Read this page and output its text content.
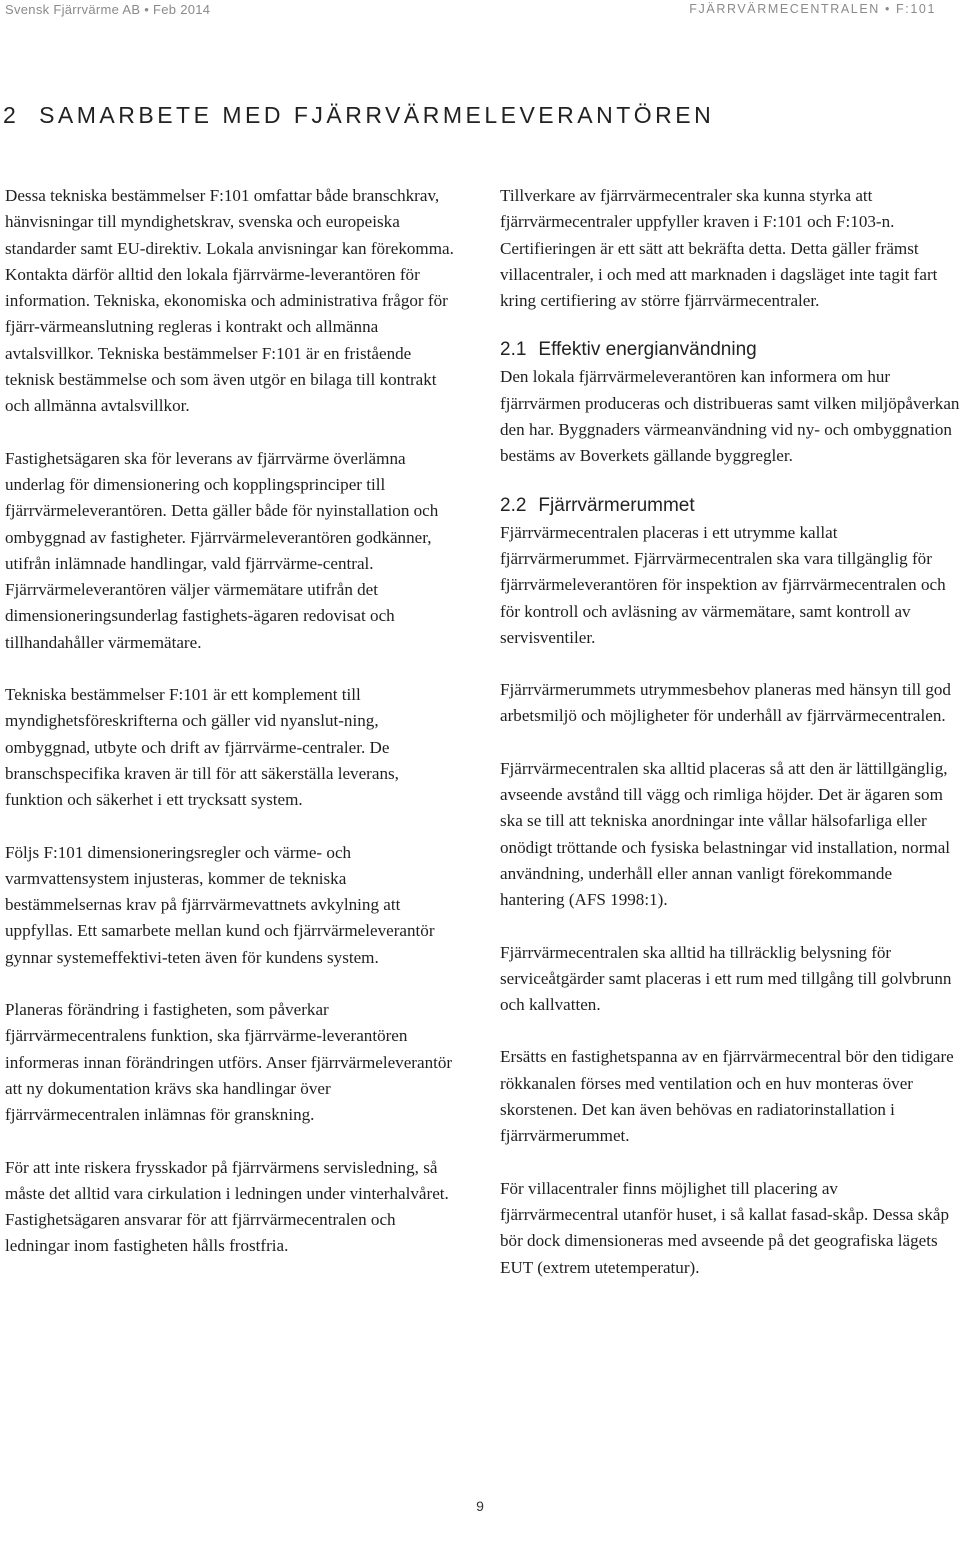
Svensk Fjärrvärme AB • Feb 2014	FJÄRRVÄRMECENTRALEN • F:101
2 SAMARBETE MED FJÄRRVÄRMELEVERANTÖREN

Dessa tekniska bestämmelser F:101 omfattar både branschkrav, hänvisningar till myndighetskrav, svenska och europeiska standarder samt EU-direktiv. Lokala anvisningar kan förekomma. Kontakta därför alltid den lokala fjärrvärme-leverantören för information. Tekniska, ekonomiska och administrativa frågor för fjärr-värmeanslutning regleras i kontrakt och allmänna avtalsvillkor. Tekniska bestämmelser F:101 är en fristående teknisk bestämmelse och som även utgör en bilaga till kontrakt och allmänna avtalsvillkor.

Fastighetsägaren ska för leverans av fjärrvärme överlämna underlag för dimensionering och kopplingsprinciper till fjärrvärmeleverantören. Detta gäller både för nyinstallation och ombyggnad av fastigheter. Fjärrvärmeleverantören godkänner, utifrån inlämnade handlingar, vald fjärrvärme-central. Fjärrvärmeleverantören väljer värmemätare utifrån det dimensioneringsunderlag fastighets-ägaren redovisat och tillhandahåller värmemätare.

Tekniska bestämmelser F:101 är ett komplement till myndighetsföreskrifterna och gäller vid nyanslut-ning, ombyggnad, utbyte och drift av fjärrvärme-centraler. De branschspecifika kraven är till för att säkerställa leverans, funktion och säkerhet i ett trycksatt system.

Följs F:101 dimensioneringsregler och värme- och varmvattensystem injusteras, kommer de tekniska bestämmelsernas krav på fjärrvärmevattnets avkylning att uppfyllas. Ett samarbete mellan kund och fjärrvärmeleverantör gynnar systemeffektivi-teten även för kundens system.

Planeras förändring i fastigheten, som påverkar fjärrvärmecentralens funktion, ska fjärrvärme-leverantören informeras innan förändringen utförs. Anser fjärrvärmeleverantör att ny dokumentation krävs ska handlingar över fjärrvärmecentralen inlämnas för granskning.

För att inte riskera frysskador på fjärrvärmens servisledning, så måste det alltid vara cirkulation i ledningen under vinterhalvåret. Fastighetsägaren ansvarar för att fjärrvärmecentralen och ledningar inom fastigheten hålls frostfria.

Tillverkare av fjärrvärmecentraler ska kunna styrka att fjärrvärmecentraler uppfyller kraven i F:101 och F:103-n. Certifieringen är ett sätt att bekräfta detta. Detta gäller främst villacentraler, i och med att marknaden i dagsläget inte tagit fart kring certifiering av större fjärrvärmecentraler.

2.1 Effektiv energianvändning

Den lokala fjärrvärmeleverantören kan informera om hur fjärrvärmen produceras och distribueras samt vilken miljöpåverkan den har. Byggnaders värmeanvändning vid ny- och ombyggnation bestäms av Boverkets gällande byggregler.

2.2 Fjärrvärmerummet

Fjärrvärmecentralen placeras i ett utrymme kallat fjärrvärmerummet. Fjärrvärmecentralen ska vara tillgänglig för fjärrvärmeleverantören för inspektion av fjärrvärmecentralen och för kontroll och avläsning av värmemätare, samt kontroll av servisventiler.

Fjärrvärmerummets utrymmesbehov planeras med hänsyn till god arbetsmiljö och möjligheter för underhåll av fjärrvärmecentralen.

Fjärrvärmecentralen ska alltid placeras så att den är lättillgänglig, avseende avstånd till vägg och rimliga höjder. Det är ägaren som ska se till att tekniska anordningar inte vållar hälsofarliga eller onödigt tröttande och fysiska belastningar vid installation, normal användning, underhåll eller annan vanligt förekommande hantering (AFS 1998:1).

Fjärrvärmecentralen ska alltid ha tillräcklig belysning för serviceåtgärder samt placeras i ett rum med tillgång till golvbrunn och kallvatten.

Ersätts en fastighetspanna av en fjärrvärmecentral bör den tidigare rökkanalen förses med ventilation och en huv monteras över skorstenen. Det kan även behövas en radiatorinstallation i fjärrvärmerummet.

För villacentraler finns möjlighet till placering av fjärrvärmecentral utanför huset, i så kallat fasad-skåp. Dessa skåp bör dock dimensioneras med avseende på det geografiska lägets EUT (extrem utetemperatur).

9
